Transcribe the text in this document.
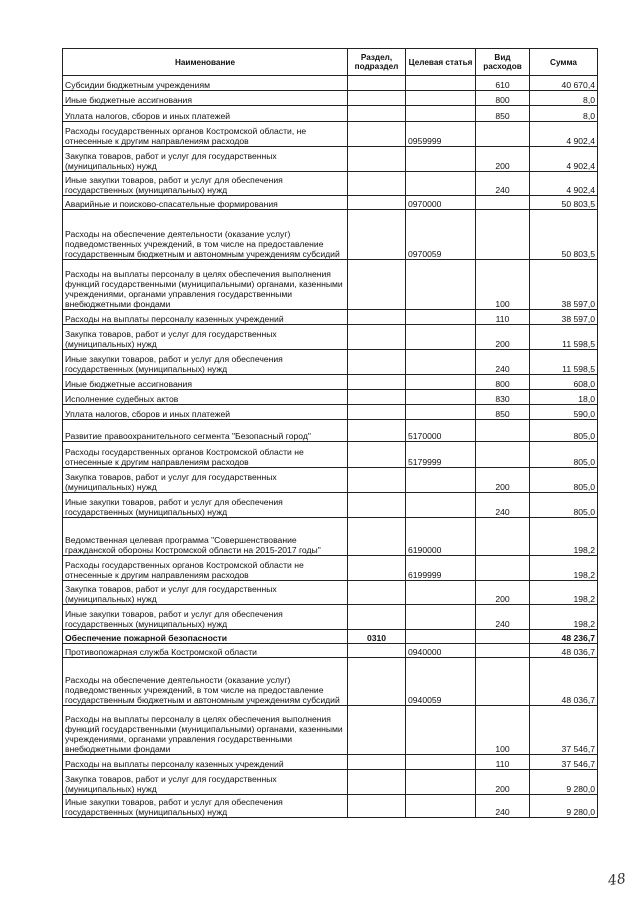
Наименование	Раздел, подраздел	Целевая статья	Вид расходов	Сумма
Субсидии бюджетным учреждениям			610	40 670,4
Иные бюджетные ассигнования			800	8,0
Уплата налогов, сборов и иных платежей			850	8,0
Расходы государственных органов Костромской области, не отнесенные к другим направлениям расходов		0959999		4 902,4
Закупка товаров, работ и услуг для государственных (муниципальных) нужд			200	4 902,4
Иные закупки товаров, работ и услуг для обеспечения государственных (муниципальных) нужд			240	4 902,4
Аварийные и поисково-спасательные формирования		0970000		50 803,5
Расходы на обеспечение деятельности (оказание услуг) подведомственных учреждений, в том числе на предоставление государственным бюджетным и автономным учреждениям субсидий		0970059		50 803,5
Расходы на выплаты персоналу в целях обеспечения выполнения функций государственными (муниципальными) органами, казенными учреждениями, органами управления государственными внебюджетными фондами			100	38 597,0
Расходы на выплаты персоналу казенных учреждений			110	38 597,0
Закупка товаров, работ и услуг для государственных (муниципальных) нужд			200	11 598,5
Иные закупки товаров, работ и услуг для обеспечения государственных (муниципальных) нужд			240	11 598,5
Иные бюджетные ассигнования			800	608,0
Исполнение судебных актов			830	18,0
Уплата налогов, сборов и иных платежей			850	590,0
Развитие правоохранительного сегмента "Безопасный город"		5170000		805,0
Расходы государственных органов Костромской области не отнесенные к другим направлениям расходов		5179999		805,0
Закупка товаров, работ и услуг для государственных (муниципальных) нужд			200	805,0
Иные закупки товаров, работ и услуг для обеспечения государственных (муниципальных) нужд			240	805,0
Ведомственная целевая программа "Совершенствование гражданской обороны Костромской области на 2015-2017 годы"		6190000		198,2
Расходы государственных органов Костромской области не отнесенные к другим направлениям расходов		6199999		198,2
Закупка товаров, работ и услуг для государственных (муниципальных) нужд			200	198,2
Иные закупки товаров, работ и услуг для обеспечения государственных (муниципальных) нужд			240	198,2
Обеспечение пожарной безопасности	0310			48 236,7
Противопожарная служба Костромской области		0940000		48 036,7
Расходы на обеспечение деятельности (оказание услуг) подведомственных учреждений, в том числе на предоставление государственным бюджетным и автономным учреждениям субсидий		0940059		48 036,7
Расходы на выплаты персоналу в целях обеспечения выполнения функций государственными (муниципальными) органами, казенными учреждениями, органами управления государственными внебюджетными фондами			100	37 546,7
Расходы на выплаты персоналу казенных учреждений			110	37 546,7
Закупка товаров, работ и услуг для государственных (муниципальных) нужд			200	9 280,0
Иные закупки товаров, работ и услуг для обеспечения государственных (муниципальных) нужд			240	9 280,0
48
